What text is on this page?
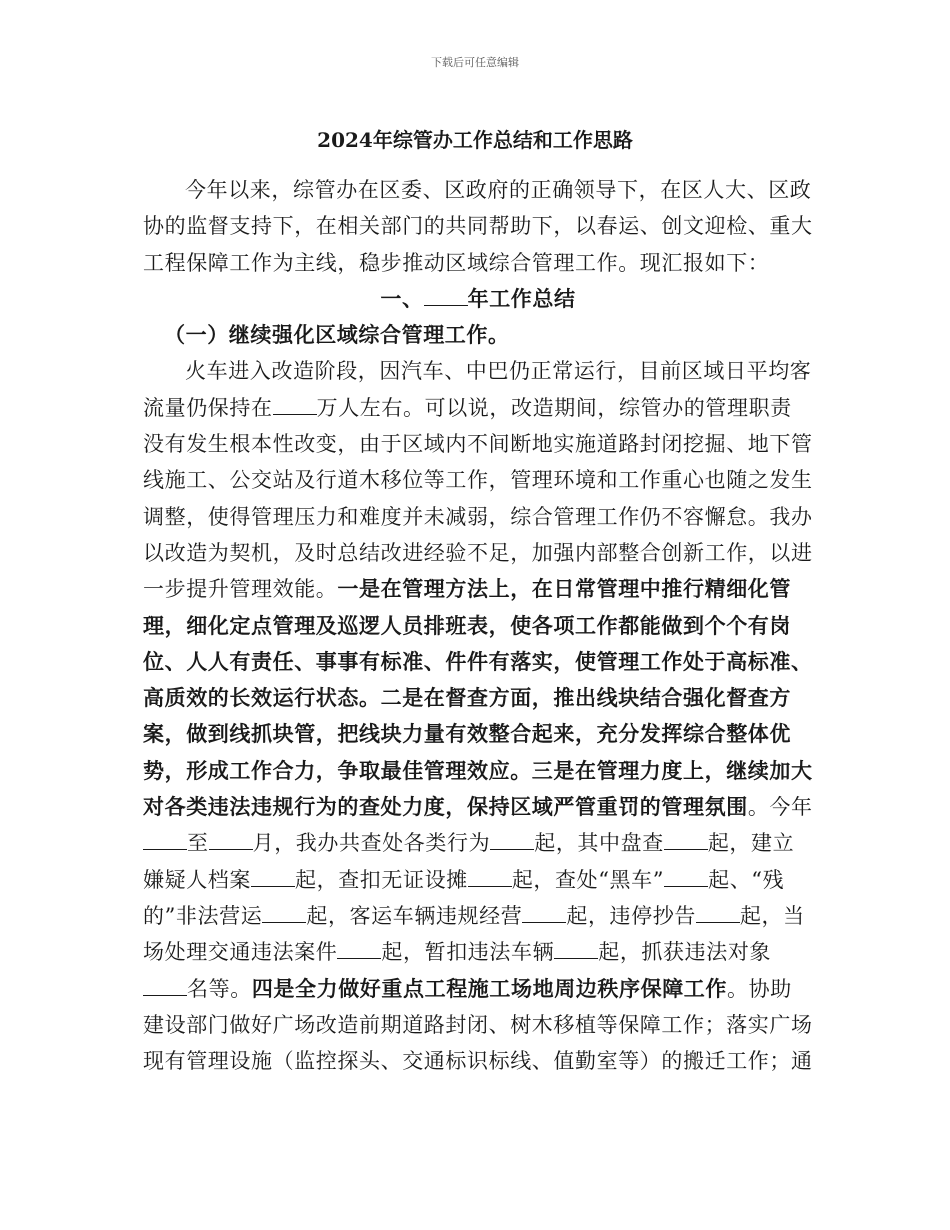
下载后可任意编辑
2024年综管办工作总结和工作思路

今年以来，综管办在区委、区政府的正确领导下，在区人大、区政协的监督支持下，在相关部门的共同帮助下，以春运、创文迎检、重大工程保障工作为主线，稳步推动区域综合管理工作。现汇报如下：

一、 年工作总结

（一）继续强化区域综合管理工作。

火车进入改造阶段，因汽车、中巴仍正常运行，目前区域日平均客流量仍保持在 万人左右。可以说，改造期间，综管办的管理职责没有发生根本性改变，由于区域内不间断地实施道路封闭挖掘、地下管线施工、公交站及行道木移位等工作，管理环境和工作重心也随之发生调整，使得管理压力和难度并未减弱，综合管理工作仍不容懈怠。我办以改造为契机，及时总结改进经验不足，加强内部整合创新工作，以进一步提升管理效能。一是在管理方法上，在日常管理中推行精细化管理，细化定点管理及巡逻人员排班表，使各项工作都能做到个个有岗位、人人有责任、事事有标准、件件有落实，使管理工作处于高标准、高质效的长效运行状态。二是在督查方面，推出线块结合强化督查方案，做到线抓块管，把线块力量有效整合起来，充分发挥综合整体优势，形成工作合力，争取最佳管理效应。三是在管理力度上，继续加大对各类违法违规行为的查处力度，保持区域严管重罚的管理氛围。今年至 月，我办共查处各类行为 起，其中盘查 起，建立嫌疑人档案 起，查扣无证设摊 起，查处“黑车” 起、“残的”非法营运 起，客运车辆违规经营 起，违停抄告 起，当场处理交通违法案件 起，暂扣违法车辆 起，抓获违法对象名等。四是全力做好重点工程施工场地周边秩序保障工作。协助建设部门做好广场改造前期道路封闭、树木移植等保障工作；落实广场现有管理设施（监控探头、交通标识标线、值勤室等）的搬迁工作；通
